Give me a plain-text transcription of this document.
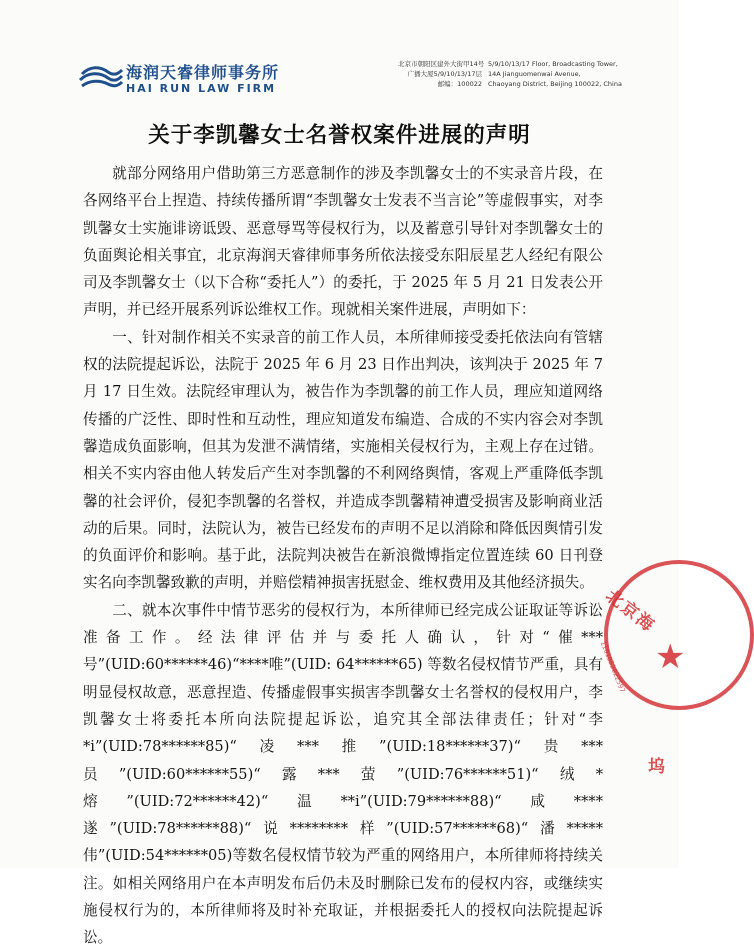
海润天睿律师事务所
HAI RUN LAW FIRM
北京市朝阳区建外大街甲14号
广播大厦5/9/10/13/17层
邮编：100022
5/9/10/13/17 Floor, Broadcasting Tower,
14A Jianguomenwai Avenue,
Chaoyang District, Beijing 100022, China
关于李凯馨女士名誉权案件进展的声明

就部分网络用户借助第三方恶意制作的涉及李凯馨女士的不实录音片段，在各网络平台上捏造、持续传播所谓“李凯馨女士发表不当言论”等虚假事实，对李凯馨女士实施诽谤诋毁、恶意辱骂等侵权行为，以及蓄意引导针对李凯馨女士的负面舆论相关事宜，北京海润天睿律师事务所依法接受东阳辰星艺人经纪有限公司及李凯馨女士（以下合称“委托人”）的委托，于 2025 年 5 月 21 日发表公开声明，并已经开展系列诉讼维权工作。现就相关案件进展，声明如下：

一、针对制作相关不实录音的前工作人员，本所律师接受委托依法向有管辖权的法院提起诉讼，法院于 2025 年 6 月 23 日作出判决，该判决于 2025 年 7 月 17 日生效。法院经审理认为，被告作为李凯馨的前工作人员，理应知道网络传播的广泛性、即时性和互动性，理应知道发布编造、合成的不实内容会对李凯馨造成负面影响，但其为发泄不满情绪，实施相关侵权行为，主观上存在过错。相关不实内容由他人转发后产生对李凯馨的不利网络舆情，客观上严重降低李凯馨的社会评价，侵犯李凯馨的名誉权，并造成李凯馨精神遭受损害及影响商业活动的后果。同时，法院认为，被告已经发布的声明不足以消除和降低因舆情引发的负面评价和影响。基于此，法院判决被告在新浪微博指定位置连续 60 日刊登实名向李凯馨致歉的声明，并赔偿精神损害抚慰金、维权费用及其他经济损失。

二、就本次事件中情节恶劣的侵权行为，本所律师已经完成公证取证等诉讼准备工作。经法律评估并与委托人确认，针对“催***号”(UID:60******46)“****唯”(UID: 64******65) 等数名侵权情节严重，具有明显侵权故意，恶意捏造、传播虚假事实损害李凯馨女士名誉权的侵权用户，李凯馨女士将委托本所向法院提起诉讼，追究其全部法律责任；针对“李*i”(UID:78******85)“凌***推”(UID:18******37)“贵***员”(UID:60******55)“露***萤”(UID:76******51)“绒*熔”(UID:72******42)“温**i”(UID:79******88)“咸****遂”(UID:78******88)“说********样”(UID:57******68)“潘*****伟”(UID:54******05)等数名侵权情节较为严重的网络用户，本所律师将持续关注。如相关网络用户在本声明发布后仍未及时删除已发布的侵权内容，或继续实施侵权行为的，本所律师将及时补充取证，并根据委托人的授权向法院提起诉讼。

北京海
★
1101052022597
坞
